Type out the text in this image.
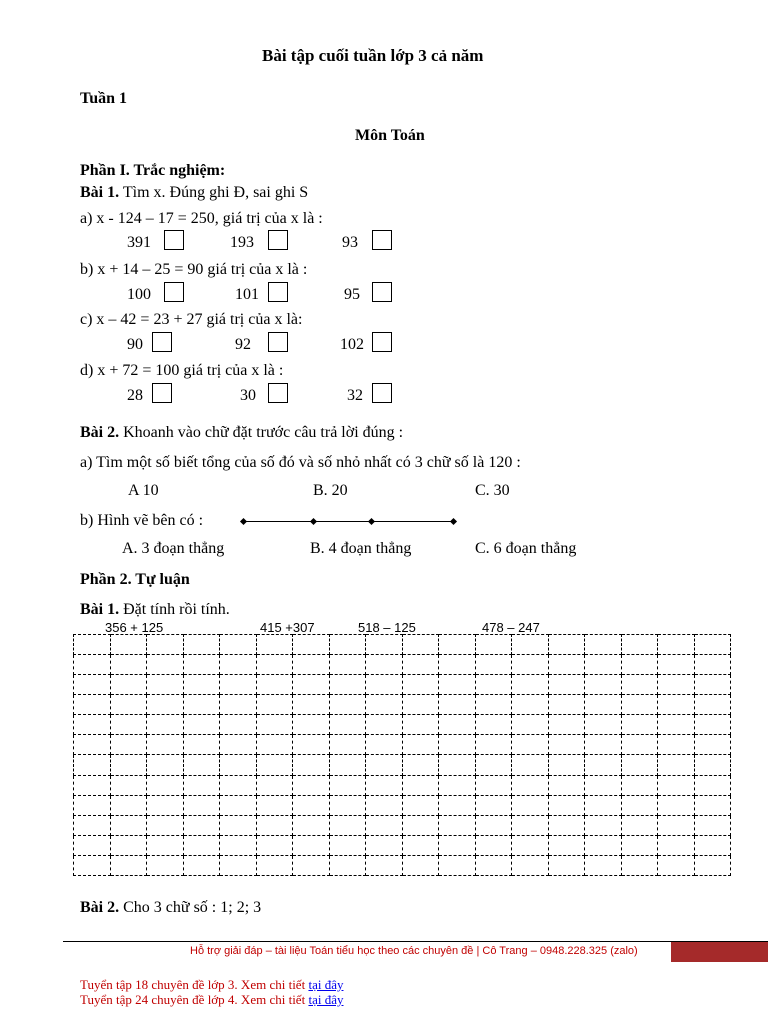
Bài tập cuối tuần lớp 3 cả năm
Tuần 1
Môn Toán
Phần I. Trắc nghiệm:
Bài 1. Tìm x. Đúng ghi Đ, sai ghi S
a) x - 124 – 17 = 250, giá trị của x là :
391	193	93
b) x + 14 – 25 = 90 giá trị của x là :
100	101	95
c) x – 42 = 23 + 27 giá trị của x là:
90	92	102
d) x + 72 = 100 giá trị của x là :
28	30	32
Bài 2. Khoanh vào chữ đặt trước câu trả lời đúng :
a) Tìm một số biết tổng của số đó và số nhỏ nhất có 3 chữ số là 120 :
A 10	B. 20	C. 30
b) Hình vẽ bên có :
A. 3 đoạn thẳng	B. 4 đoạn thẳng	C. 6 đoạn thẳng
Phần 2. Tự luận
Bài 1. Đặt tính rồi tính.
356 + 125	415 +307	518 – 125	478 – 247

Bài 2. Cho 3 chữ số : 1; 2; 3
Hỗ trợ giải đáp – tài liệu Toán tiểu học theo các chuyên đề | Cô Trang – 0948.228.325 (zalo)
Tuyển tập 18 chuyên đề lớp 3. Xem chi tiết tại đây
Tuyển tập 24 chuyên đề lớp 4. Xem chi tiết tại đây
